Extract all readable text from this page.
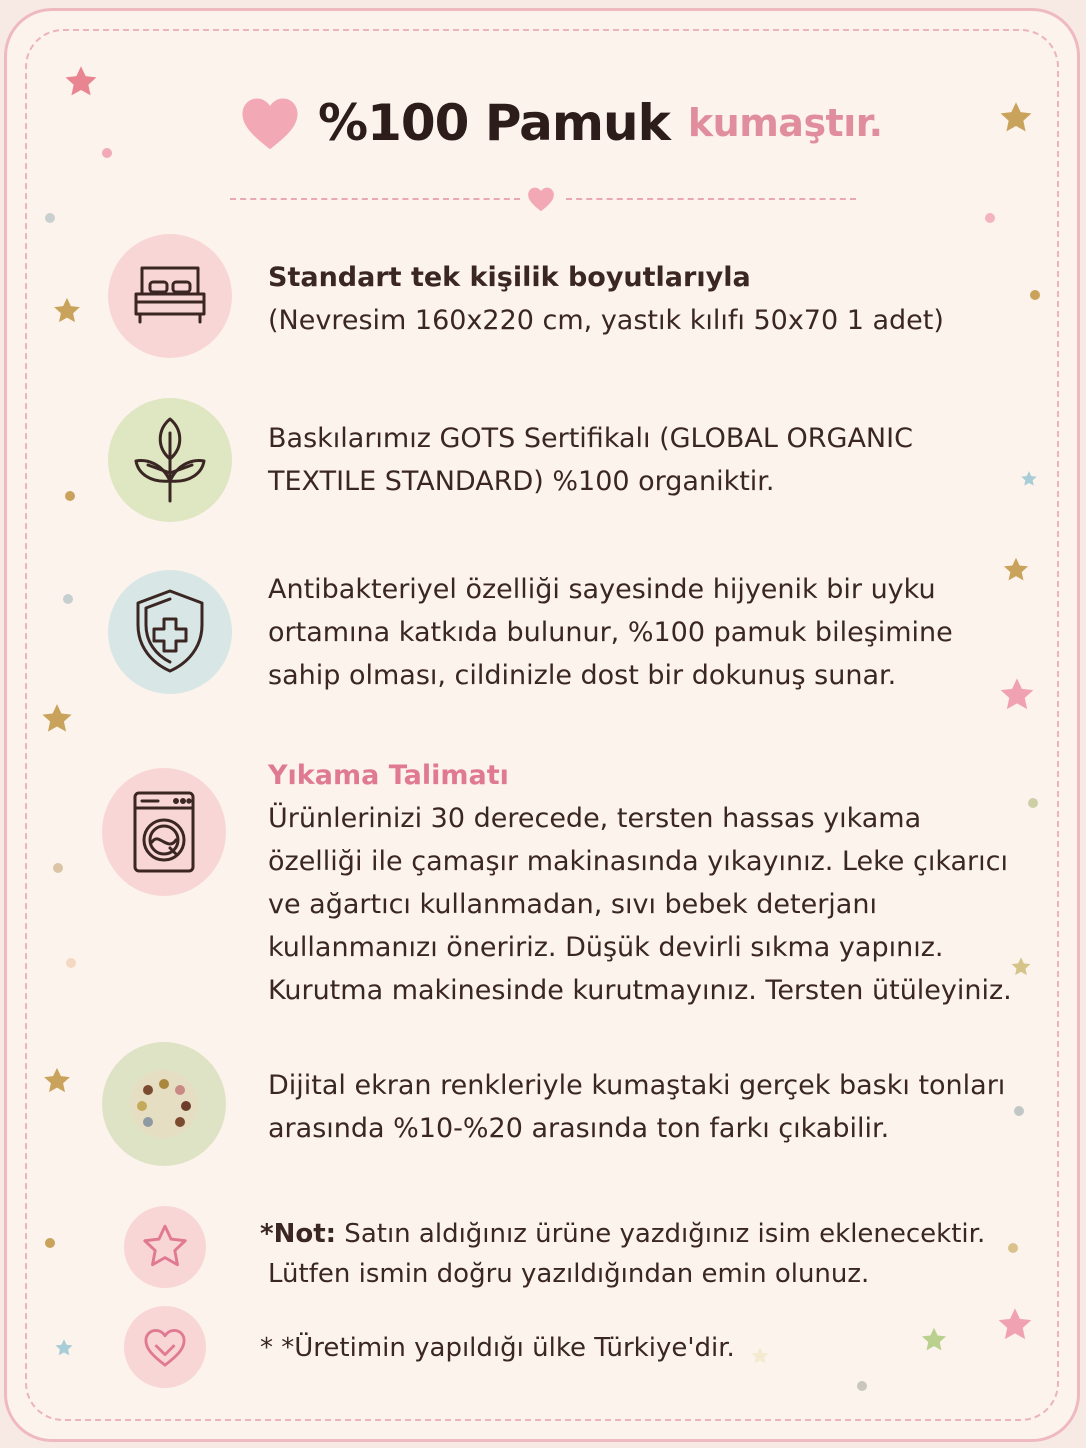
%100 Pamuk kumaştır.
Standart tek kişilik boyutlarıyla
(Nevresim 160x220 cm, yastık kılıfı 50x70 1 adet)
Baskılarımız GOTS Sertifikalı (GLOBAL ORGANIC
TEXTILE STANDARD) %100 organiktir.
Antibakteriyel özelliği sayesinde hijyenik bir uyku
ortamına katkıda bulunur, %100 pamuk bileşimine
sahip olması, cildinizle dost bir dokunuş sunar.
Yıkama Talimatı
Ürünlerinizi 30 derecede, tersten hassas yıkama
özelliği ile çamaşır makinasında yıkayınız. Leke çıkarıcı
ve ağartıcı kullanmadan, sıvı bebek deterjanı
kullanmanızı öneririz. Düşük devirli sıkma yapınız.
Kurutma makinesinde kurutmayınız. Tersten ütüleyiniz.
Dijital ekran renkleriyle kumaştaki gerçek baskı tonları
arasında %10-%20 arasında ton farkı çıkabilir.
*Not: Satın aldığınız ürüne yazdığınız isim eklenecektir.
Lütfen ismin doğru yazıldığından emin olunuz.
* *Üretimin yapıldığı ülke Türkiye'dir.
